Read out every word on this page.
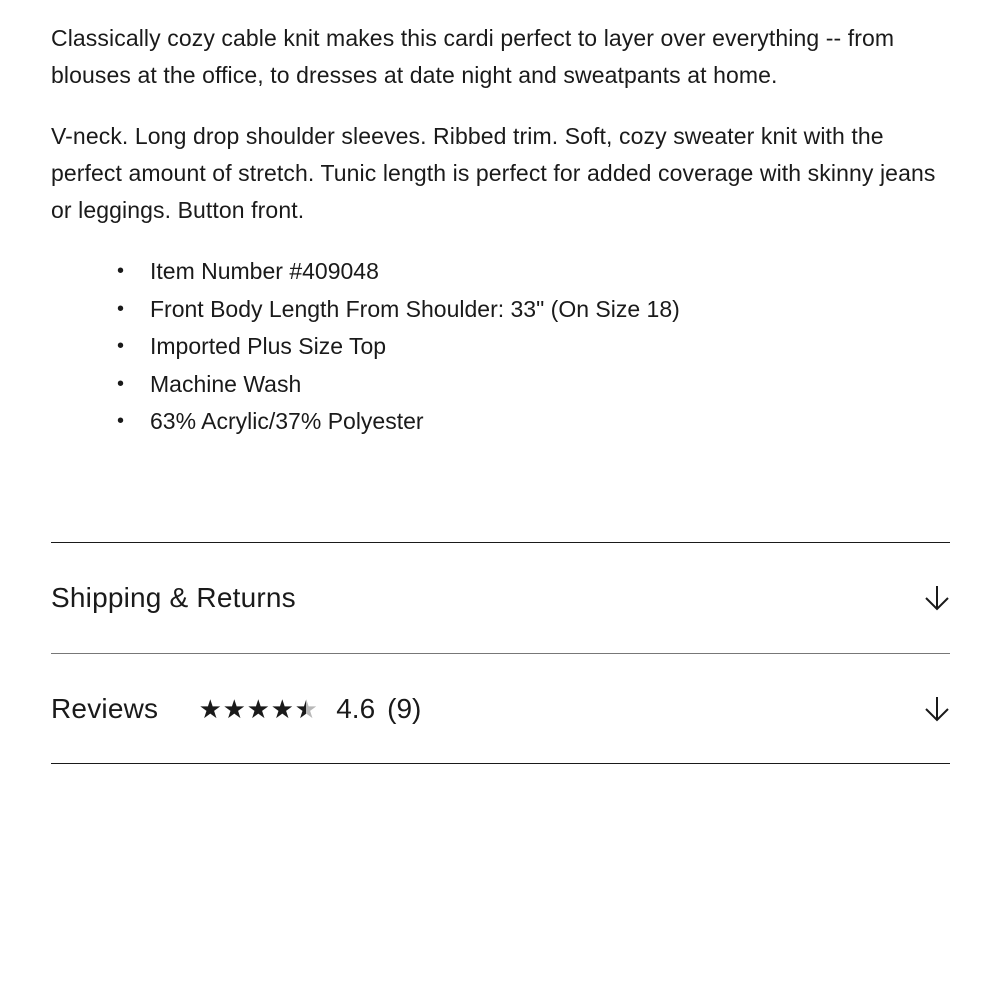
Classically cozy cable knit makes this cardi perfect to layer over everything -- from blouses at the office, to dresses at date night and sweatpants at home.

V-neck. Long drop shoulder sleeves. Ribbed trim. Soft, cozy sweater knit with the perfect amount of stretch. Tunic length is perfect for added coverage with skinny jeans or leggings. Button front.

• Item Number #409048
• Front Body Length From Shoulder: 33" (On Size 18)
• Imported Plus Size Top
• Machine Wash
• 63% Acrylic/37% Polyester
Shipping & Returns
Reviews ★ ★ ★ ★ ★ 4.6 (9)
